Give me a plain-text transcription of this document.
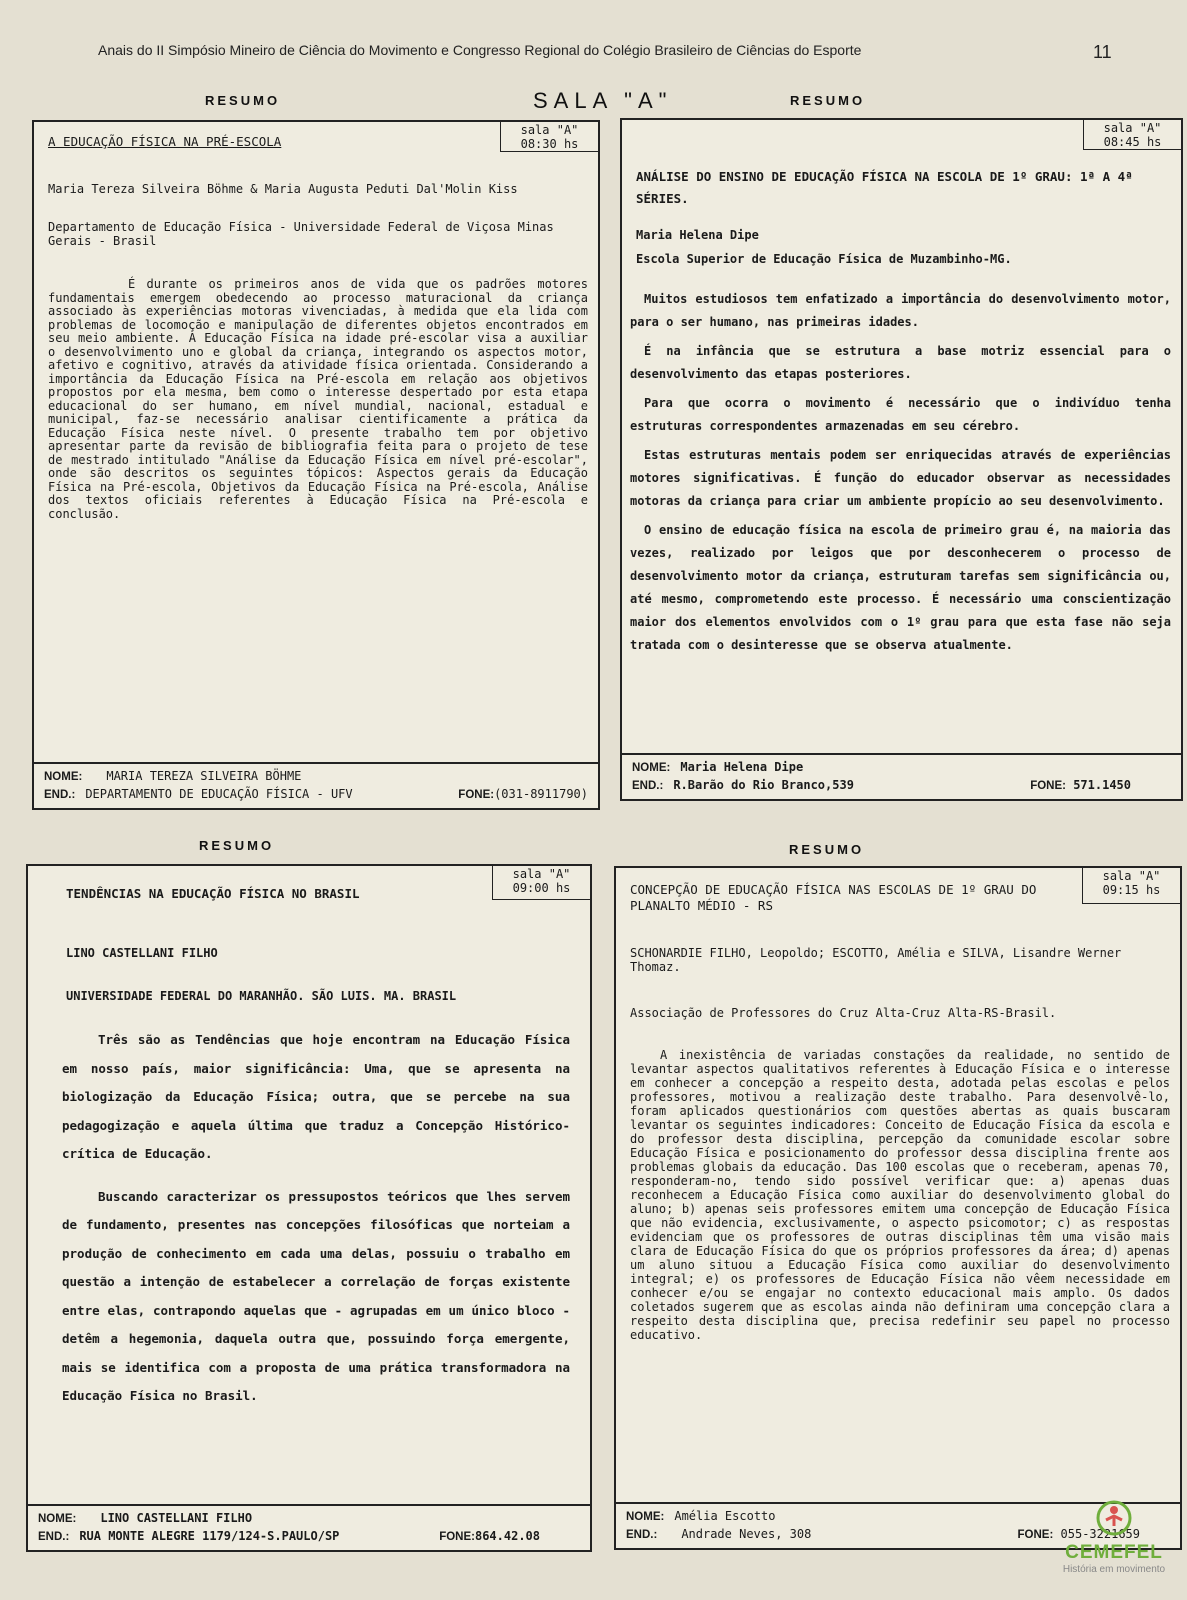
Anais do II Simpósio Mineiro de Ciência do Movimento e Congresso Regional do Colégio Brasileiro de Ciências do Esporte	11
SALA "A"
RESUMO	RESUMO
RESUMO	RESUMO
sala "A"
08:30 hs
A EDUCAÇÃO FÍSICA NA PRÉ-ESCOLA
Maria Tereza Silveira Böhme & Maria Augusta Peduti Dal'Molin Kiss
Departamento de Educação Física - Universidade Federal de Viçosa Minas Gerais - Brasil

É durante os primeiros anos de vida que os padrões motores fundamentais emergem obedecendo ao processo maturacional da criança associado às experiências motoras vivenciadas, à medida que ela lida com problemas de locomoção e manipulação de diferentes objetos encontrados em seu meio ambiente. A Educação Física na idade pré-escolar visa a auxiliar o desenvolvimento uno e global da criança, integrando os aspectos motor, afetivo e cognitivo, através da atividade física orientada. Considerando a importância da Educação Física na Pré-escola em relação aos objetivos propostos por ela mesma, bem como o interesse despertado por esta etapa educacional do ser humano, em nível mundial, nacional, estadual e municipal, faz-se necessário analisar cientificamente a prática da Educação Física neste nível. O presente trabalho tem por objetivo apresentar parte da revisão de bibliografia feita para o projeto de tese de mestrado intitulado "Análise da Educação Física em nível pré-escolar", onde são descritos os seguintes tópicos: Aspectos gerais da Educação Física na Pré-escola, Objetivos da Educação Física na Pré-escola, Análise dos textos oficiais referentes à Educação Física na Pré-escola e conclusão.

NOME: MARIA TEREZA SILVEIRA BÖHME
END.: DEPARTAMENTO DE EDUCAÇÃO FÍSICA - UFV	FONE:(031-8911790)
sala "A"
08:45 hs
ANÁLISE DO ENSINO DE EDUCAÇÃO FÍSICA NA ESCOLA DE 1º GRAU: 1ª A 4ª SÉRIES.
Maria Helena Dipe
Escola Superior de Educação Física de Muzambinho-MG.

Muitos estudiosos tem enfatizado a importância do desenvolvimento motor, para o ser humano, nas primeiras idades.

É na infância que se estrutura a base motriz essencial para o desenvolvimento das etapas posteriores.

Para que ocorra o movimento é necessário que o indivíduo tenha estruturas correspondentes armazenadas em seu cérebro.

Estas estruturas mentais podem ser enriquecidas através de experiências motores significativas. É função do educador observar as necessidades motoras da criança para criar um ambiente propício ao seu desenvolvimento.

O ensino de educação física na escola de primeiro grau é, na maioria das vezes, realizado por leigos que por desconhecerem o processo de desenvolvimento motor da criança, estruturam tarefas sem significância ou, até mesmo, comprometendo este processo. É necessário uma conscientização maior dos elementos envolvidos com o 1º grau para que esta fase não seja tratada com o desinteresse que se observa atualmente.

NOME: Maria Helena Dipe
END.: R.Barão do Rio Branco,539	FONE: 571.1450
sala "A"
09:00 hs
TENDÊNCIAS NA EDUCAÇÃO FÍSICA NO BRASIL
LINO CASTELLANI FILHO
UNIVERSIDADE FEDERAL DO MARANHÃO. SÃO LUIS. MA. BRASIL

Três são as Tendências que hoje encontram na Educação Física em nosso país, maior significância: Uma, que se apresenta na biologização da Educação Física; outra, que se percebe na sua pedagogização e aquela última que traduz a Concepção Histórico-crítica de Educação.

Buscando caracterizar os pressupostos teóricos que lhes servem de fundamento, presentes nas concepções filosóficas que norteiam a produção de conhecimento em cada uma delas, possuiu o trabalho em questão a intenção de estabelecer a correlação de forças existente entre elas, contrapondo aquelas que - agrupadas em um único bloco - detêm a hegemonia, daquela outra que, possuindo força emergente, mais se identifica com a proposta de uma prática transformadora na Educação Física no Brasil.

NOME: LINO CASTELLANI FILHO
END.: RUA MONTE ALEGRE 1179/124-S.PAULO/SP	FONE:864.42.08
sala "A"
09:15 hs
CONCEPÇÃO DE EDUCAÇÃO FÍSICA NAS ESCOLAS DE 1º GRAU DO PLANALTO MÉDIO - RS
SCHONARDIE FILHO, Leopoldo; ESCOTTO, Amélia e SILVA, Lisandre Werner Thomaz.
Associação de Professores do Cruz Alta-Cruz Alta-RS-Brasil.

A inexistência de variadas constações da realidade, no sentido de levantar aspectos qualitativos referentes à Educação Física e o interesse em conhecer a concepção a respeito desta, adotada pelas escolas e pelos professores, motivou a realização deste trabalho. Para desenvolvê-lo, foram aplicados questionários com questões abertas as quais buscaram levantar os seguintes indicadores: Conceito de Educação Física da escola e do professor desta disciplina, percepção da comunidade escolar sobre Educação Física e posicionamento do professor dessa disciplina frente aos problemas globais da educação. Das 100 escolas que o receberam, apenas 70, responderam-no, tendo sido possível verificar que: a) apenas duas reconhecem a Educação Física como auxiliar do desenvolvimento global do aluno; b) apenas seis professores emitem uma concepção de Educação Física que não evidencia, exclusivamente, o aspecto psicomotor; c) as respostas evidenciam que os professores de outras disciplinas têm uma visão mais clara de Educação Física do que os próprios professores da área; d) apenas um aluno situou a Educação Física como auxiliar do desenvolvimento integral; e) os professores de Educação Física não vêem necessidade em conhecer e/ou se engajar no contexto educacional mais amplo. Os dados coletados sugerem que as escolas ainda não definiram uma concepção clara a respeito desta disciplina que, precisa redefinir seu papel no processo educativo.

NOME: Amélia Escotto
END.: Andrade Neves, 308	FONE: 055-3221659
CEMEFEL
História em movimento
